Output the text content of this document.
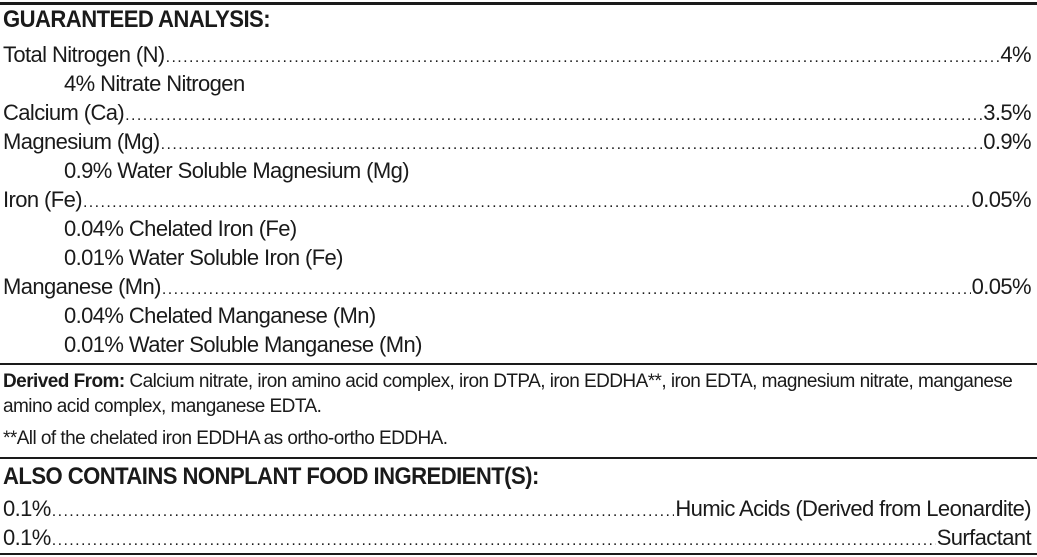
GUARANTEED ANALYSIS:
Total Nitrogen (N) .....	4%
4% Nitrate Nitrogen
Calcium (Ca) .....	3.5%
Magnesium (Mg) .....	0.9%
0.9% Water Soluble Magnesium (Mg)
Iron (Fe) .....	0.05%
0.04% Chelated Iron (Fe)
0.01% Water Soluble Iron (Fe)
Manganese (Mn) .....	0.05%
0.04% Chelated Manganese (Mn)
0.01% Water Soluble Manganese (Mn)
Derived From: Calcium nitrate, iron amino acid complex, iron DTPA, iron EDDHA**, iron EDTA, magnesium nitrate, manganese amino acid complex, manganese EDTA.
**All of the chelated iron EDDHA as ortho-ortho EDDHA.
ALSO CONTAINS NONPLANT FOOD INGREDIENT(S):
0.1% .....	Humic Acids (Derived from Leonardite)
0.1% .....	Surfactant
